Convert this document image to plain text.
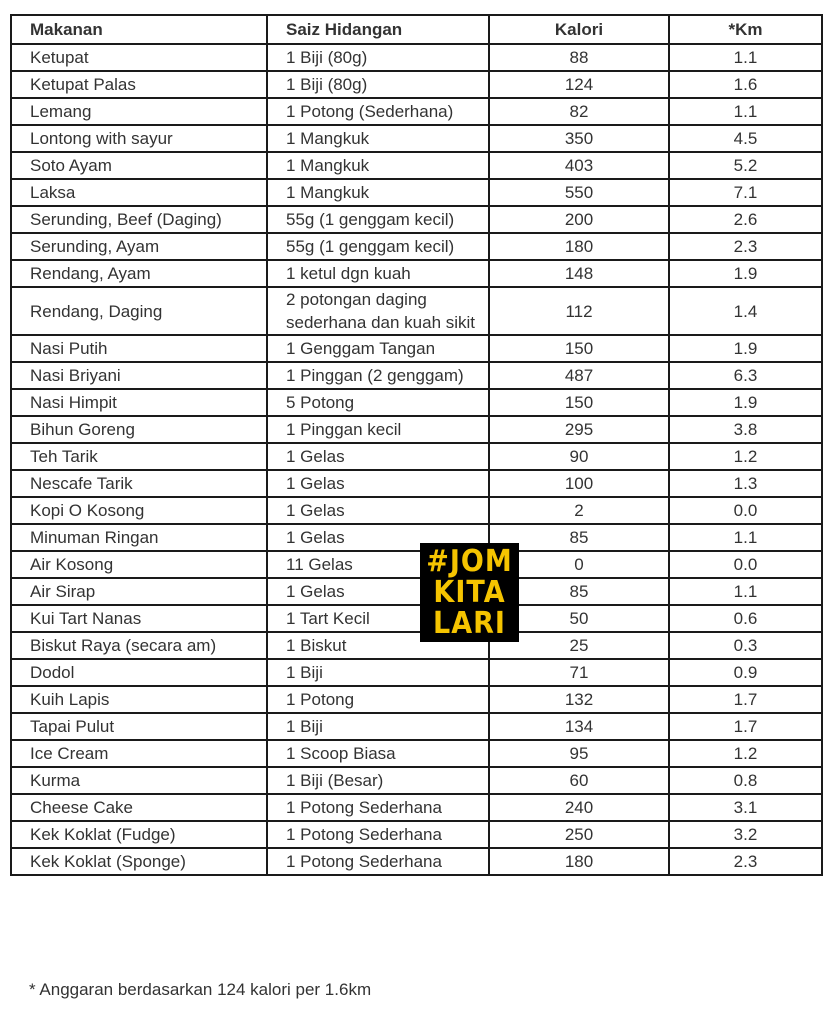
Makanan	Saiz Hidangan	Kalori	*Km
Ketupat	1 Biji (80g)	88	1.1
Ketupat Palas	1 Biji (80g)	124	1.6
Lemang	1 Potong (Sederhana)	82	1.1
Lontong with sayur	1 Mangkuk	350	4.5
Soto Ayam	1 Mangkuk	403	5.2
Laksa	1 Mangkuk	550	7.1
Serunding, Beef (Daging)	55g (1 genggam kecil)	200	2.6
Serunding, Ayam	55g (1 genggam kecil)	180	2.3
Rendang, Ayam	1 ketul dgn kuah	148	1.9
Rendang, Daging	2 potongan daging sederhana dan kuah sikit	112	1.4
Nasi Putih	1 Genggam Tangan	150	1.9
Nasi Briyani	1 Pinggan (2 genggam)	487	6.3
Nasi Himpit	5 Potong	150	1.9
Bihun Goreng	1 Pinggan kecil	295	3.8
Teh Tarik	1 Gelas	90	1.2
Nescafe Tarik	1 Gelas	100	1.3
Kopi O Kosong	1 Gelas	2	0.0
Minuman Ringan	1 Gelas	85	1.1
Air Kosong	11 Gelas	0	0.0
Air Sirap	1 Gelas	85	1.1
Kui Tart Nanas	1 Tart Kecil	50	0.6
Biskut Raya (secara am)	1 Biskut	25	0.3
Dodol	1 Biji	71	0.9
Kuih Lapis	1 Potong	132	1.7
Tapai Pulut	1 Biji	134	1.7
Ice Cream	1 Scoop Biasa	95	1.2
Kurma	1 Biji (Besar)	60	0.8
Cheese Cake	1 Potong Sederhana	240	3.1
Kek Koklat (Fudge)	1 Potong Sederhana	250	3.2
Kek Koklat (Sponge)	1 Potong Sederhana	180	2.3
#JOM
KITA
LARI
* Anggaran berdasarkan 124 kalori per 1.6km
